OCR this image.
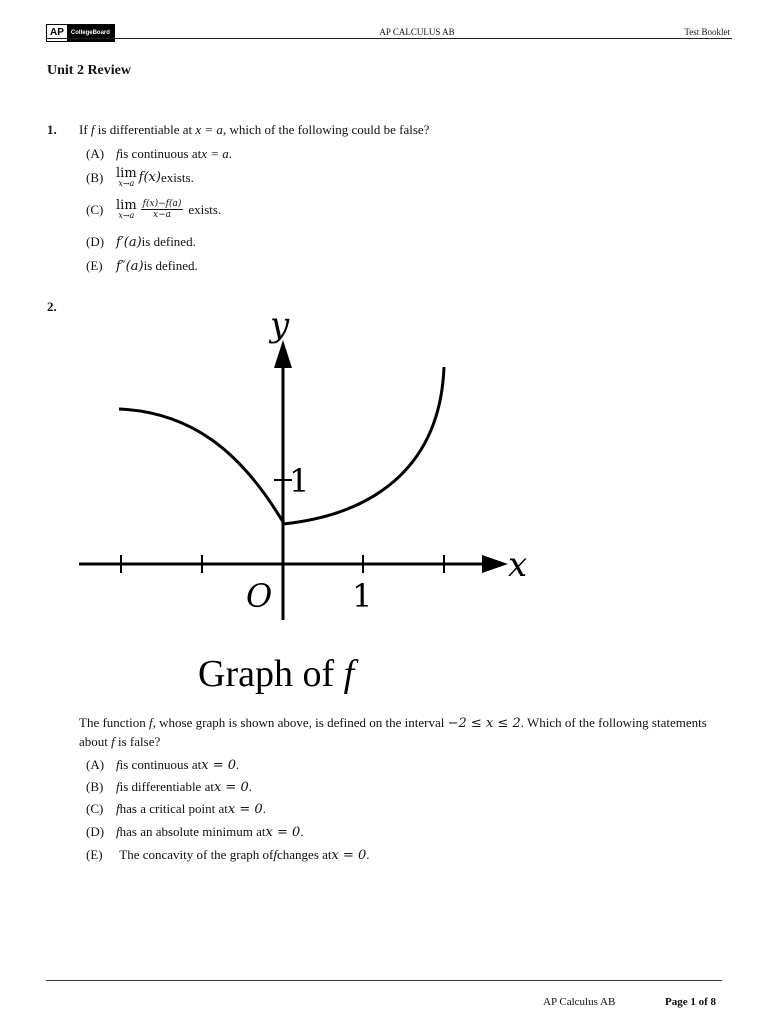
AP	CollegeBoard	AP CALCULUS AB	Test Booklet
Unit 2 Review
1. If f is differentiable at x = a, which of the following could be false?
(A) f is continuous at x = a .
(B) lim
x→a f(x) exists.
(C) lim
$x\to a \frac{f(x)-f(a)}{x-a}$ exists.
(D) f′(a) is defined.
(E)	f″(a) is defined.
2.	y
x
O 1
1
Graph of f
The function f, whose graph is shown above, is defined on the interval −2 ≤ x ≤ 2. Which of the following statements about f is false?
(A) f is continuous at x = 0 .
(B) f is differentiable at x = 0 .
(C) f has a critical point at x = 0 .
(D) f has an absolute minimum at x = 0 .
(E)
	The concavity of the graph of f changes at x = 0 .
AP Calculus AB	Page 1 of 8
